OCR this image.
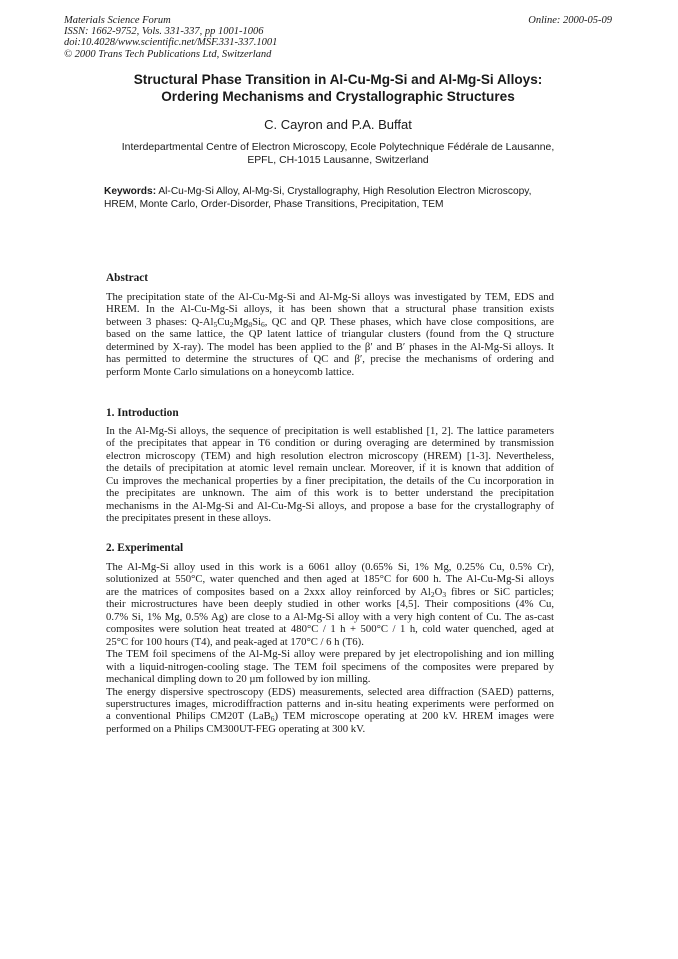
Materials Science Forum
ISSN: 1662-9752, Vols. 331-337, pp 1001-1006
doi:10.4028/www.scientific.net/MSF.331-337.1001
© 2000 Trans Tech Publications Ltd, Switzerland
Online: 2000-05-09
Structural Phase Transition in Al-Cu-Mg-Si and Al-Mg-Si Alloys:
Ordering Mechanisms and Crystallographic Structures
C. Cayron and P.A. Buffat
Interdepartmental Centre of Electron Microscopy, Ecole Polytechnique Fédérale de Lausanne,
EPFL, CH-1015 Lausanne, Switzerland
Keywords: Al-Cu-Mg-Si Alloy, Al-Mg-Si, Crystallography, High Resolution Electron Microscopy,
HREM, Monte Carlo, Order-Disorder, Phase Transitions, Precipitation, TEM
Abstract
The precipitation state of the Al-Cu-Mg-Si and Al-Mg-Si alloys was investigated by TEM, EDS and
HREM. In the Al-Cu-Mg-Si alloys, it has been shown that a structural phase transition exists
between 3 phases: $Q-Al_5Cu_2Mg_8Si_6$, QC and QP. These phases, which have close compositions, are
based on the same lattice, the QP latent lattice of triangular clusters (found from the Q structure
determined by X-ray). The model has been applied to the β′ and B′ phases in the Al-Mg-Si alloys. It
has permitted to determine the structures of QC and β′, precise the mechanisms of ordering and
perform Monte Carlo simulations on a honeycomb lattice.
1. Introduction
In the Al-Mg-Si alloys, the sequence of precipitation is well established [1, 2]. The lattice parameters
of the precipitates that appear in T6 condition or during overaging are determined by transmission
electron microscopy (TEM) and high resolution electron microscopy (HREM) [1-3]. Nevertheless,
the details of precipitation at atomic level remain unclear. Moreover, if it is known that addition of
Cu improves the mechanical properties by a finer precipitation, the details of the Cu incorporation in
the precipitates are unknown. The aim of this work is to better understand the precipitation
mechanisms in the Al-Mg-Si and Al-Cu-Mg-Si alloys, and propose a base for the crystallography of
the precipitates present in these alloys.
2. Experimental
The Al-Mg-Si alloy used in this work is a 6061 alloy (0.65% Si, 1% Mg, 0.25% Cu, 0.5% Cr),
solutionized at 550°C, water quenched and then aged at 185°C for 600 h. The Al-Cu-Mg-Si alloys
are the matrices of composites based on a 2xxx alloy reinforced by $Al_2O_3$ fibres or SiC particles;
their microstructures have been deeply studied in other works [4,5]. Their compositions (4% Cu,
0.7% Si, 1% Mg, 0.5% Ag) are close to a Al-Mg-Si alloy with a very high content of Cu. The as-cast
composites were solution heat treated at 480°C / 1 h + 500°C / 1 h, cold water quenched, aged at
25°C for 100 hours (T4), and peak-aged at 170°C / 6 h (T6).
The TEM foil specimens of the Al-Mg-Si alloy were prepared by jet electropolishing and ion milling
with a liquid-nitrogen-cooling stage. The TEM foil specimens of the composites were prepared by
mechanical dimpling down to 20 µm followed by ion milling.
The energy dispersive spectroscopy (EDS) measurements, selected area diffraction (SAED) patterns,
superstructures images, microdiffraction patterns and in-situ heating experiments were performed on
a conventional Philips CM20T (LaB$_6$) TEM microscope operating at 200 kV. HREM images were
performed on a Philips CM300UT-FEG operating at 300 kV.
